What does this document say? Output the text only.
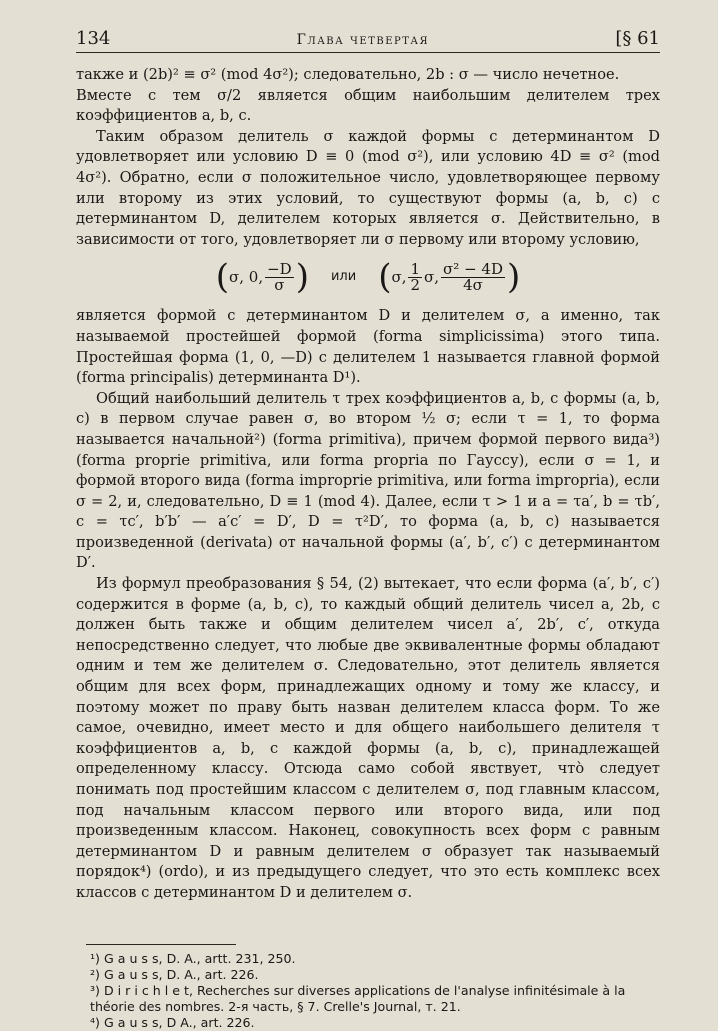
134	Глава четвертая	[§ 61

также и (2b)² ≡ σ² (mod 4σ²); следовательно, 2b : σ — число нечетное.

Вместе с тем σ/2 является общим наибольшим делителем трех коэффициентов a, b, c.

Таким образом делитель σ каждой формы с детерминантом D удовлетворяет или условию D ≡ 0 (mod σ²), или условию 4D ≡ σ² (mod 4σ²). Обратно, если σ положительное число, удовлетворяющее первому или второму из этих условий, то существуют формы (a, b, c) с детерминантом D, делителем которых является σ. Действительно, в зависимости от того, удовлетворяет ли σ первому или второму условию,

( σ, 0, $\frac{-D}{\sigma}$ ) или ( σ, $\frac{1}{2} \sigma$, $\frac{\text{σ² − 4D}}{4\sigma}$ )

является формой с детерминантом D и делителем σ, а именно, так называемой простейшей формой (forma simplicissima) этого типа. Простейшая форма (1, 0, —D) с делителем 1 называется главной формой (forma principalis) детерминанта D¹).

Общий наибольший делитель τ трех коэффициентов a, b, c формы (a, b, c) в первом случае равен σ, во втором ½ σ; если τ = 1, то форма называется начальной²) (forma primitiva), причем формой первого вида³) (forma proprie primitiva, или forma propria по Гауссу), если σ = 1, и формой второго вида (forma improprie primitiva, или forma impropria), если σ = 2, и, следовательно, D ≡ 1 (mod 4). Далее, если τ > 1 и a = τa′, b = τb′, c = τc′, b′b′ — a′c′ = D′, D = τ²D′, то форма (a, b, c) называется произведенной (derivata) от начальной формы (a′, b′, c′) с детерминантом D′.

Из формул преобразования § 54, (2) вытекает, что если форма (a′, b′, c′) содержится в форме (a, b, c), то каждый общий делитель чисел a, 2b, c должен быть также и общим делителем чисел a′, 2b′, c′, откуда непосредственно следует, что любые две эквивалентные формы обладают одним и тем же делителем σ. Следовательно, этот делитель является общим для всех форм, принадлежащих одному и тому же классу, и поэтому может по праву быть назван делителем класса форм. То же самое, очевидно, имеет место и для общего наибольшего делителя τ коэффициентов a, b, c каждой формы (a, b, c), принадлежащей определенному классу. Отсюда само собой явствует, что̀ следует понимать под простейшим классом с делителем σ, под главным классом, под начальным классом первого или второго вида, или под произведенным классом. Наконец, совокупность всех форм с равным детерминантом D и равным делителем σ образует так называемый порядок⁴) (ordo), и из предыдущего следует, что это есть комплекс всех классов с детерминантом D и делителем σ.

¹) G a u s s, D. A., artt. 231, 250.

²) G a u s s, D. A., art. 226.

³) D i r i c h l e t, Recherches sur diverses applications de l'analyse infinitésimale à la théorie des nombres. 2-я часть, § 7. Crelle's Journal, т. 21.

⁴) G a u s s, D A., art. 226.
